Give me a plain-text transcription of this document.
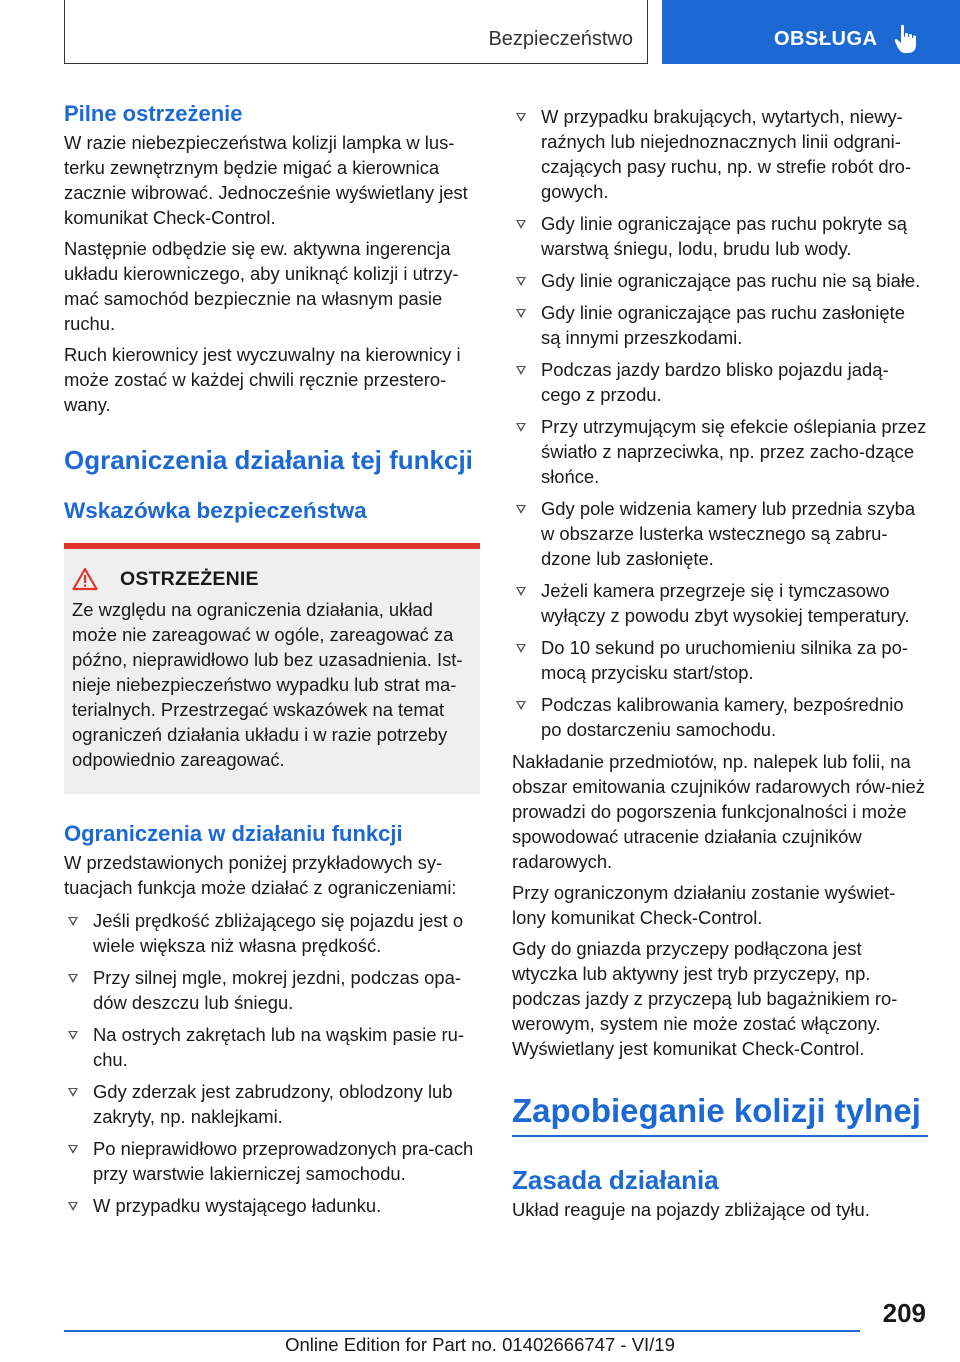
Bezpieczeństwo	OBSŁUGA
Pilne ostrzeżenie

W razie niebezpieczeństwa kolizji lampka w lus-terku zewnętrznym będzie migać a kierownica zacznie wibrować. Jednocześnie wyświetlany jest komunikat Check-Control.

Następnie odbędzie się ew. aktywna ingerencja układu kierowniczego, aby uniknąć kolizji i utrzy-mać samochód bezpiecznie na własnym pasie ruchu.

Ruch kierownicy jest wyczuwalny na kierownicy i może zostać w każdej chwili ręcznie przestero-wany.

Ograniczenia działania tej funkcji
Wskazówka bezpieczeństwa
OSTRZEŻENIE

Ze względu na ograniczenia działania, układ może nie zareagować w ogóle, zareagować za późno, nieprawidłowo lub bez uzasadnienia. Ist-nieje niebezpieczeństwo wypadku lub strat ma-terialnych. Przestrzegać wskazówek na temat ograniczeń działania układu i w razie potrzeby odpowiednio zareagować.

Ograniczenia w działaniu funkcji

W przedstawionych poniżej przykładowych sy-tuacjach funkcja może działać z ograniczeniami:

Jeśli prędkość zbliżającego się pojazdu jest o wiele większa niż własna prędkość.
Przy silnej mgle, mokrej jezdni, podczas opa-dów deszczu lub śniegu.
Na ostrych zakrętach lub na wąskim pasie ru-chu.
Gdy zderzak jest zabrudzony, oblodzony lub zakryty, np. naklejkami.
Po nieprawidłowo przeprowadzonych pra-cach przy warstwie lakierniczej samochodu.
W przypadku wystającego ładunku.
W przypadku brakujących, wytartych, niewy-raźnych lub niejednoznacznych linii odgrani-czających pasy ruchu, np. w strefie robót dro-gowych.
Gdy linie ograniczające pas ruchu pokryte są warstwą śniegu, lodu, brudu lub wody.
Gdy linie ograniczające pas ruchu nie są białe.
Gdy linie ograniczające pas ruchu zasłonięte są innymi przeszkodami.
Podczas jazdy bardzo blisko pojazdu jadą-cego z przodu.
Przy utrzymującym się efekcie oślepiania przez światło z naprzeciwka, np. przez zacho-dzące słońce.
Gdy pole widzenia kamery lub przednia szyba w obszarze lusterka wstecznego są zabru-dzone lub zasłonięte.
Jeżeli kamera przegrzeje się i tymczasowo wyłączy z powodu zbyt wysokiej temperatury.
Do 10 sekund po uruchomieniu silnika za po-mocą przycisku start/stop.
Podczas kalibrowania kamery, bezpośrednio po dostarczeniu samochodu.

Nakładanie przedmiotów, np. nalepek lub folii, na obszar emitowania czujników radarowych rów-nież prowadzi do pogorszenia funkcjonalności i może spowodować utracenie działania czujników radarowych.

Przy ograniczonym działaniu zostanie wyświet-lony komunikat Check-Control.

Gdy do gniazda przyczepy podłączona jest wtyczka lub aktywny jest tryb przyczepy, np. podczas jazdy z przyczepą lub bagażnikiem ro-werowym, system nie może zostać włączony. Wyświetlany jest komunikat Check-Control.

Zapobieganie kolizji tylnej
Zasada działania

Układ reaguje na pojazdy zbliżające od tyłu.

209
Online Edition for Part no. 01402666747 - VI/19
